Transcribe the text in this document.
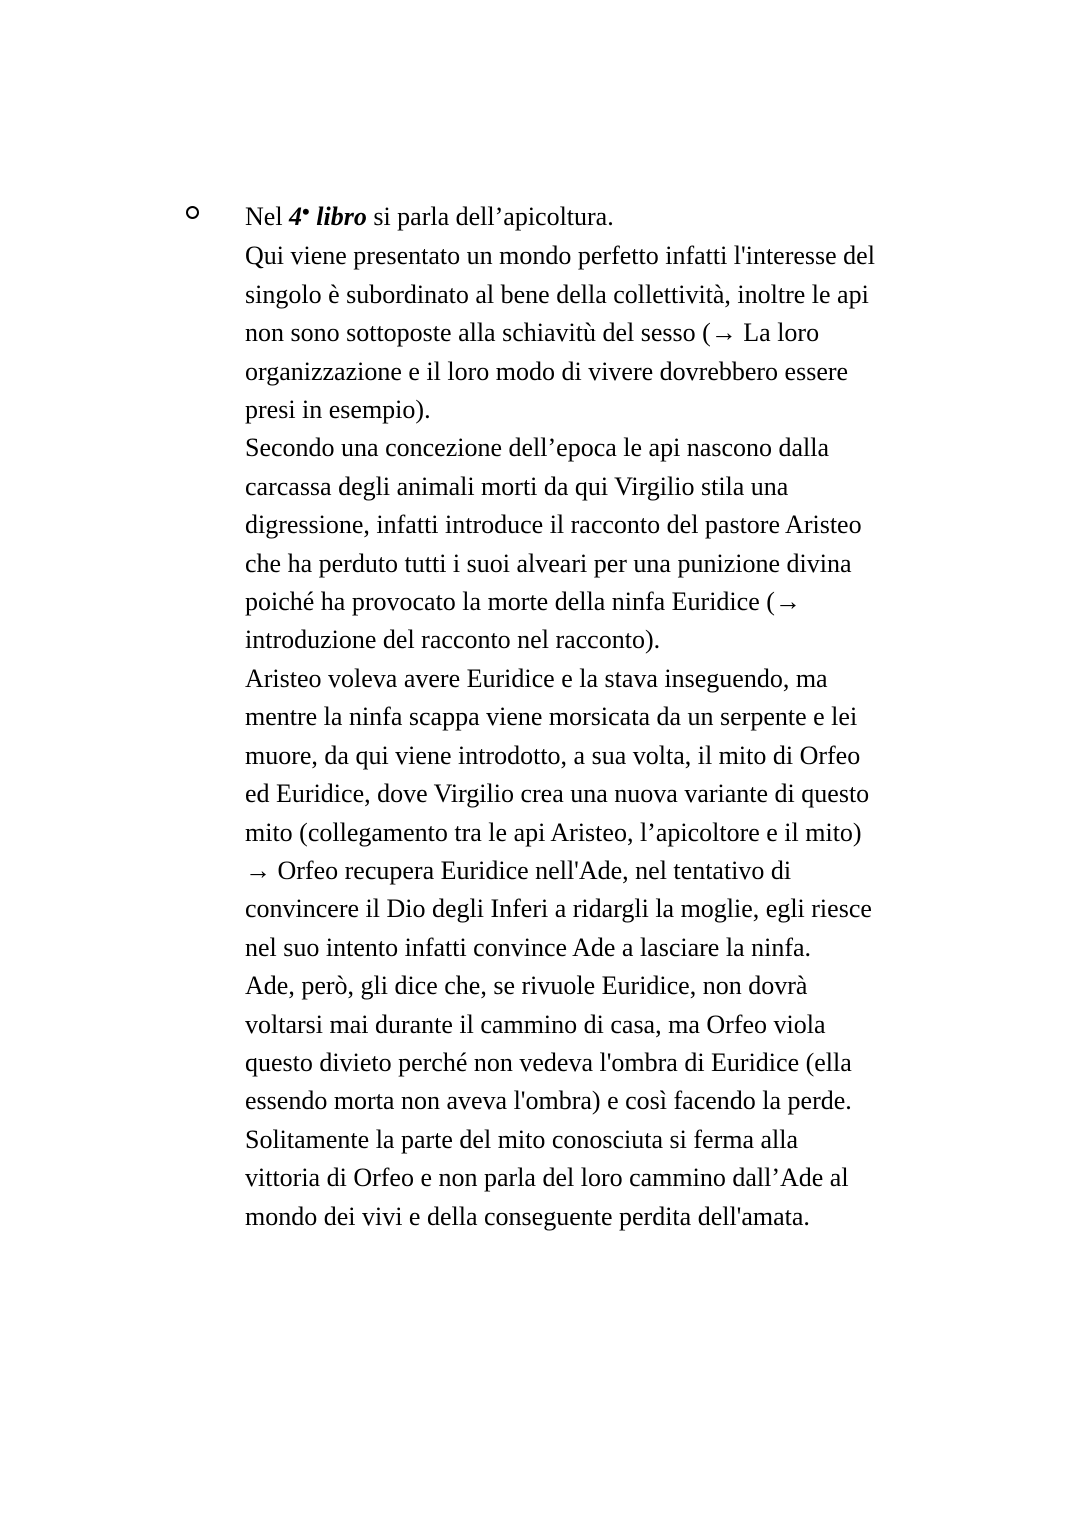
Nel 4• libro si parla dell’apicoltura.
Qui viene presentato un mondo perfetto infatti l'interesse del
singolo è subordinato al bene della collettività, inoltre le api
non sono sottoposte alla schiavitù del sesso (→ La loro
organizzazione e il loro modo di vivere dovrebbero essere
presi in esempio).
Secondo una concezione dell’epoca le api nascono dalla
carcassa degli animali morti da qui Virgilio stila una
digressione, infatti introduce il racconto del pastore Aristeo
che ha perduto tutti i suoi alveari per una punizione divina
poiché ha provocato la morte della ninfa Euridice (→
introduzione del racconto nel racconto).
Aristeo voleva avere Euridice e la stava inseguendo, ma
mentre la ninfa scappa viene morsicata da un serpente e lei
muore, da qui viene introdotto, a sua volta, il mito di Orfeo
ed Euridice, dove Virgilio crea una nuova variante di questo
mito (collegamento tra le api Aristeo, l’apicoltore e il mito)
→ Orfeo recupera Euridice nell'Ade, nel tentativo di
convincere il Dio degli Inferi a ridargli la moglie, egli riesce
nel suo intento infatti convince Ade a lasciare la ninfa.
Ade, però, gli dice che, se rivuole Euridice, non dovrà
voltarsi mai durante il cammino di casa, ma Orfeo viola
questo divieto perché non vedeva l'ombra di Euridice (ella
essendo morta non aveva l'ombra) e così facendo la perde.
Solitamente la parte del mito conosciuta si ferma alla
vittoria di Orfeo e non parla del loro cammino dall’Ade al
mondo dei vivi e della conseguente perdita dell'amata.
